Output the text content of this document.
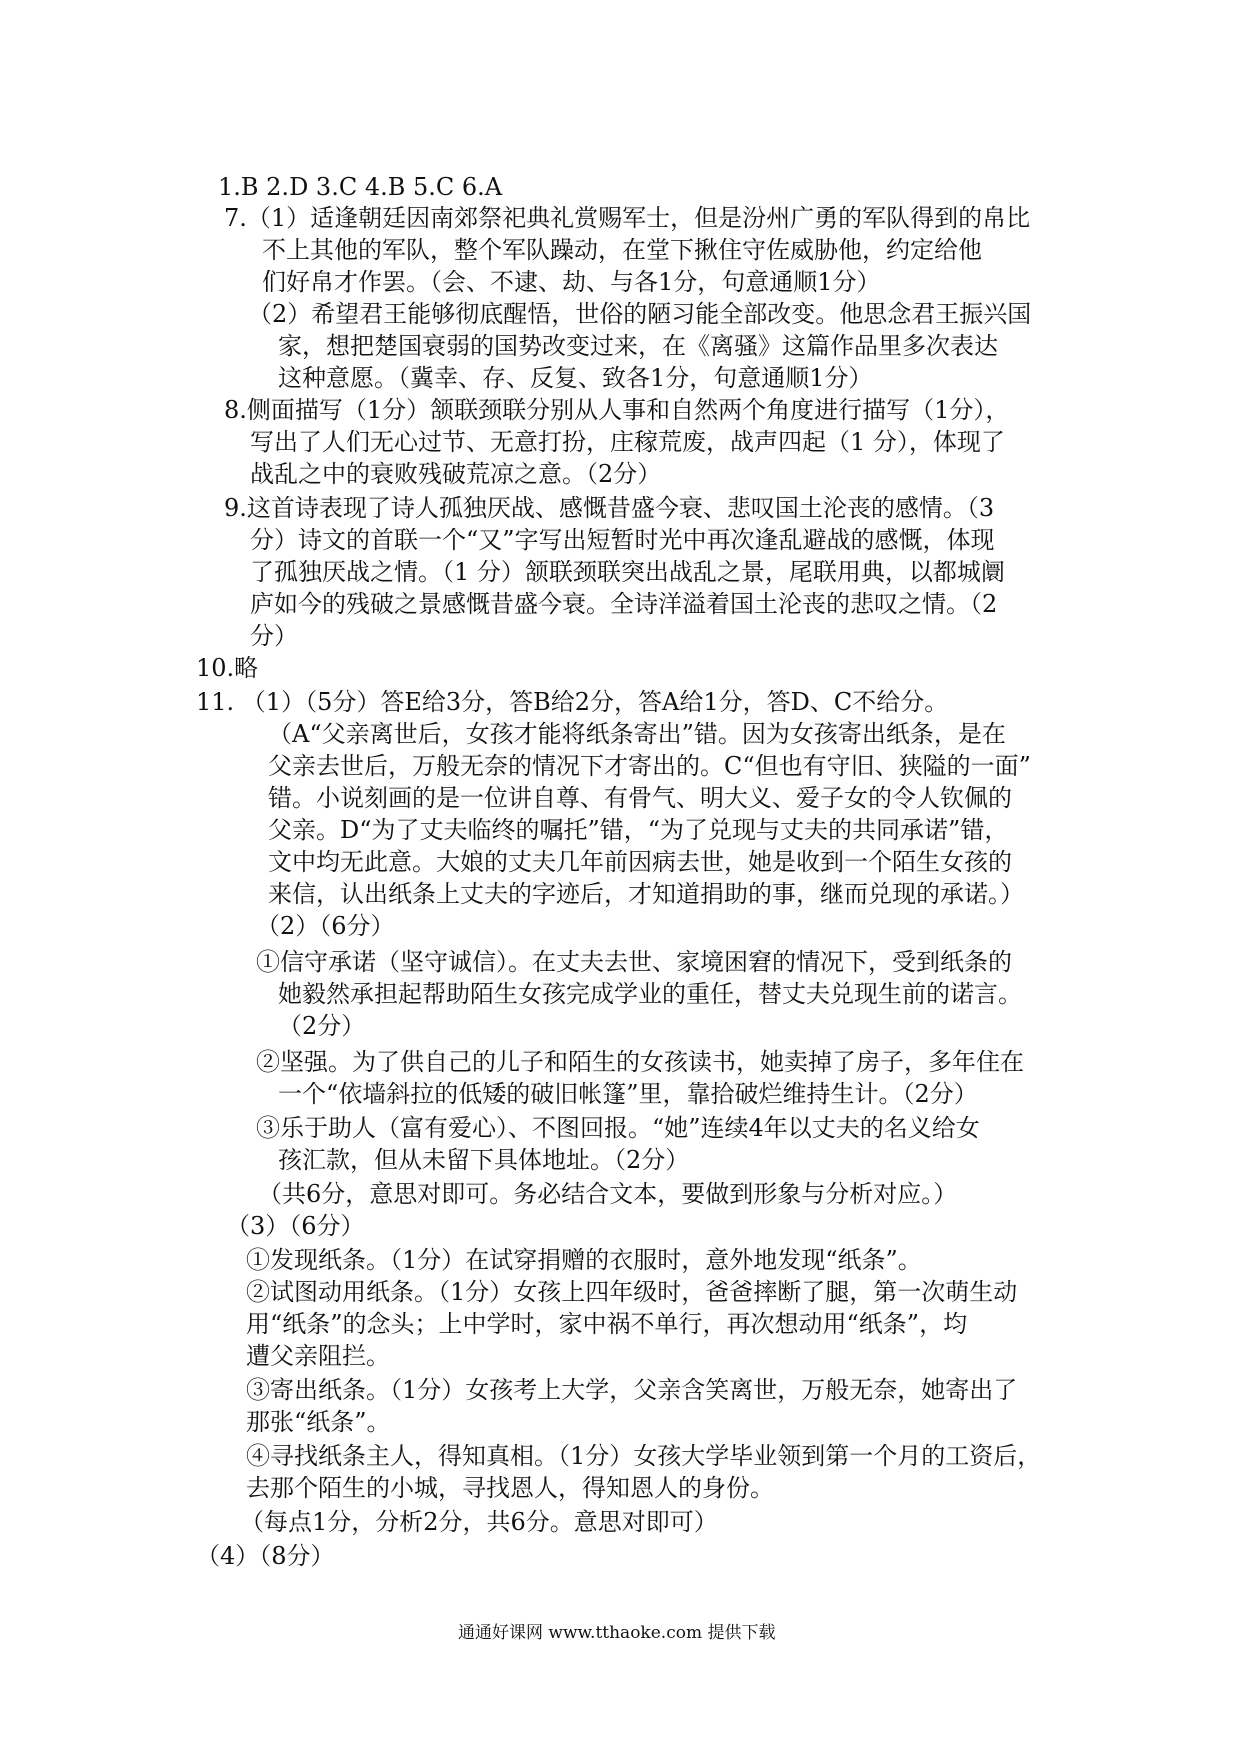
1.B 2.D 3.C 4.B 5.C 6.A
7.（1）适逢朝廷因南郊祭祀典礼赏赐军士，但是汾州广勇的军队得到的帛比
不上其他的军队，整个军队躁动，在堂下揪住守佐威胁他，约定给他
们好帛才作罢。（会、不逮、劫、与各1分，句意通顺1分）
（2）希望君王能够彻底醒悟，世俗的陋习能全部改变。他思念君王振兴国
家，想把楚国衰弱的国势改变过来，在《离骚》这篇作品里多次表达
这种意愿。（冀幸、存、反复、致各1分，句意通顺1分）
8.侧面描写（1分）颔联颈联分别从人事和自然两个角度进行描写（1分），
写出了人们无心过节、无意打扮，庄稼荒废，战声四起（1 分），体现了
战乱之中的衰败残破荒凉之意。（2分）
9.这首诗表现了诗人孤独厌战、感慨昔盛今衰、悲叹国土沦丧的感情。（3
分）诗文的首联一个“又”字写出短暂时光中再次逢乱避战的感慨，体现
了孤独厌战之情。（1 分）颔联颈联突出战乱之景，尾联用典，以都城阛
庐如今的残破之景感慨昔盛今衰。全诗洋溢着国土沦丧的悲叹之情。（2
分）
10.略
11. （1）（5分）答E给3分，答B给2分，答A给1分，答D、C不给分。
（A“父亲离世后，女孩才能将纸条寄出”错。因为女孩寄出纸条，是在
父亲去世后，万般无奈的情况下才寄出的。C“但也有守旧、狭隘的一面”
错。小说刻画的是一位讲自尊、有骨气、明大义、爱子女的令人钦佩的
父亲。D“为了丈夫临终的嘱托”错，“为了兑现与丈夫的共同承诺”错，
文中均无此意。大娘的丈夫几年前因病去世，她是收到一个陌生女孩的
来信，认出纸条上丈夫的字迹后，才知道捐助的事，继而兑现的承诺。）
（2）（6分）
①信守承诺（坚守诚信）。在丈夫去世、家境困窘的情况下，受到纸条的
她毅然承担起帮助陌生女孩完成学业的重任，替丈夫兑现生前的诺言。
（2分）
②坚强。为了供自己的儿子和陌生的女孩读书，她卖掉了房子，多年住在
一个“依墙斜拉的低矮的破旧帐篷”里，靠拾破烂维持生计。（2分）
③乐于助人（富有爱心）、不图回报。“她”连续4年以丈夫的名义给女
孩汇款，但从未留下具体地址。（2分）
（共6分，意思对即可。务必结合文本，要做到形象与分析对应。）
（3）（6分）
①发现纸条。（1分）在试穿捐赠的衣服时，意外地发现“纸条”。
②试图动用纸条。（1分）女孩上四年级时，爸爸摔断了腿，第一次萌生动
用“纸条”的念头；上中学时，家中祸不单行，再次想动用“纸条”，均
遭父亲阻拦。
③寄出纸条。（1分）女孩考上大学，父亲含笑离世，万般无奈，她寄出了
那张“纸条”。
④寻找纸条主人，得知真相。（1分）女孩大学毕业领到第一个月的工资后，
去那个陌生的小城，寻找恩人，得知恩人的身份。
（每点1分，分析2分，共6分。意思对即可）
（4）（8分）
通通好课网 www.tthaoke.com 提供下载
